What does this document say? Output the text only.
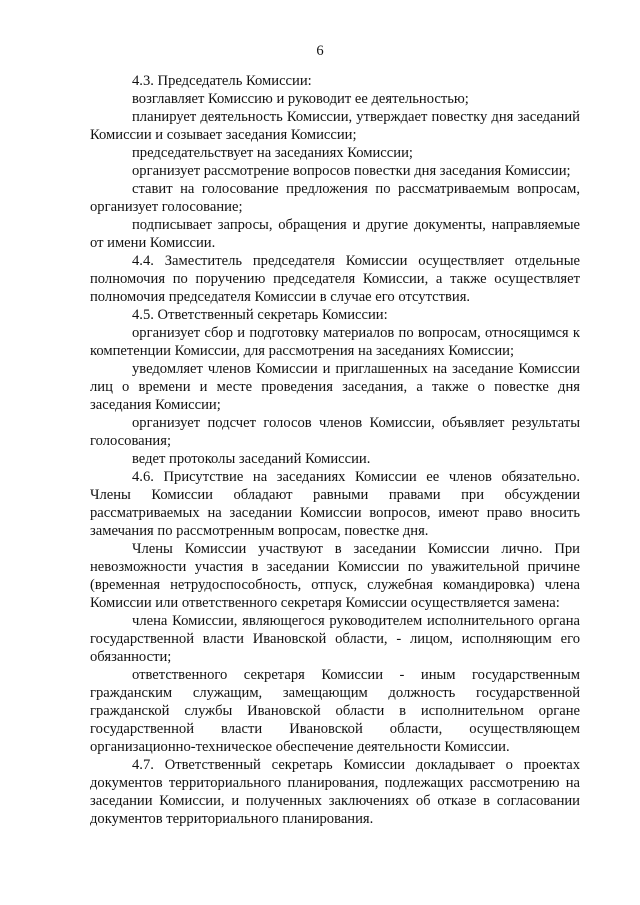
6

4.3. Председатель Комиссии:

возглавляет Комиссию и руководит ее деятельностью;

планирует деятельность Комиссии, утверждает повестку дня заседаний Комиссии и созывает заседания Комиссии;

председательствует на заседаниях Комиссии;

организует рассмотрение вопросов повестки дня заседания Комиссии;

ставит на голосование предложения по рассматриваемым вопросам, организует голосование;

подписывает запросы, обращения и другие документы, направляемые от имени Комиссии.

4.4. Заместитель председателя Комиссии осуществляет отдельные полномочия по поручению председателя Комиссии, а также осуществляет полномочия председателя Комиссии в случае его отсутствия.

4.5. Ответственный секретарь Комиссии:

организует сбор и подготовку материалов по вопросам, относящимся к компетенции Комиссии, для рассмотрения на заседаниях Комиссии;

уведомляет членов Комиссии и приглашенных на заседание Комиссии лиц о времени и месте проведения заседания, а также о повестке дня заседания Комиссии;

организует подсчет голосов членов Комиссии, объявляет результаты голосования;

ведет протоколы заседаний Комиссии.

4.6. Присутствие на заседаниях Комиссии ее членов обязательно. Члены Комиссии обладают равными правами при обсуждении рассматриваемых на заседании Комиссии вопросов, имеют право вносить замечания по рассмотренным вопросам, повестке дня.

Члены Комиссии участвуют в заседании Комиссии лично. При невозможности участия в заседании Комиссии по уважительной причине (временная нетрудоспособность, отпуск, служебная командировка) члена Комиссии или ответственного секретаря Комиссии осуществляется замена:

члена Комиссии, являющегося руководителем исполнительного органа государственной власти Ивановской области, - лицом, исполняющим его обязанности;

ответственного секретаря Комиссии - иным государственным гражданским служащим, замещающим должность государственной гражданской службы Ивановской области в исполнительном органе государственной власти Ивановской области, осуществляющем организационно-техническое обеспечение деятельности Комиссии.

4.7. Ответственный секретарь Комиссии докладывает о проектах документов территориального планирования, подлежащих рассмотрению на заседании Комиссии, и полученных заключениях об отказе в согласовании документов территориального планирования.
